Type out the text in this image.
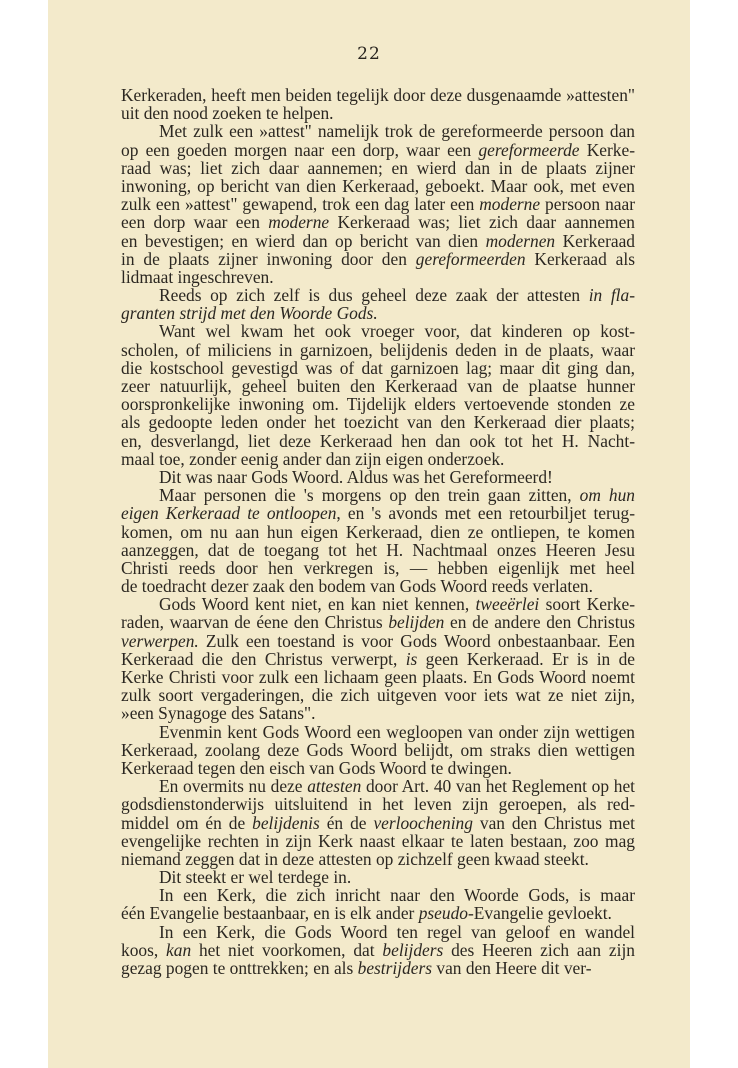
22
Kerkeraden, heeft men beiden tegelijk door deze dusgenaamde »attesten"
uit den nood zoeken te helpen.
Met zulk een »attest" namelijk trok de gereformeerde persoon dan
op een goeden morgen naar een dorp, waar een gereformeerde Kerke-
raad was; liet zich daar aannemen; en wierd dan in de plaats zijner
inwoning, op bericht van dien Kerkeraad, geboekt. Maar ook, met even
zulk een »attest" gewapend, trok een dag later een moderne persoon naar
een dorp waar een moderne Kerkeraad was; liet zich daar aannemen
en bevestigen; en wierd dan op bericht van dien modernen Kerkeraad
in de plaats zijner inwoning door den gereformeerden Kerkeraad als
lidmaat ingeschreven.
Reeds op zich zelf is dus geheel deze zaak der attesten in fla-
granten strijd met den Woorde Gods.
Want wel kwam het ook vroeger voor, dat kinderen op kost-
scholen, of miliciens in garnizoen, belijdenis deden in de plaats, waar
die kostschool gevestigd was of dat garnizoen lag; maar dit ging dan,
zeer natuurlijk, geheel buiten den Kerkeraad van de plaatse hunner
oorspronkelijke inwoning om. Tijdelijk elders vertoevende stonden ze
als gedoopte leden onder het toezicht van den Kerkeraad dier plaats;
en, desverlangd, liet deze Kerkeraad hen dan ook tot het H. Nacht-
maal toe, zonder eenig ander dan zijn eigen onderzoek.
Dit was naar Gods Woord. Aldus was het Gereformeerd!
Maar personen die 's morgens op den trein gaan zitten, om hun
eigen Kerkeraad te ontloopen, en 's avonds met een retourbiljet terug-
komen, om nu aan hun eigen Kerkeraad, dien ze ontliepen, te komen
aanzeggen, dat de toegang tot het H. Nachtmaal onzes Heeren Jesu
Christi reeds door hen verkregen is, — hebben eigenlijk met heel
de toedracht dezer zaak den bodem van Gods Woord reeds verlaten.
Gods Woord kent niet, en kan niet kennen, tweeërlei soort Kerke-
raden, waarvan de éene den Christus belijden en de andere den Christus
verwerpen. Zulk een toestand is voor Gods Woord onbestaanbaar. Een
Kerkeraad die den Christus verwerpt, is geen Kerkeraad. Er is in de
Kerke Christi voor zulk een lichaam geen plaats. En Gods Woord noemt
zulk soort vergaderingen, die zich uitgeven voor iets wat ze niet zijn,
»een Synagoge des Satans".
Evenmin kent Gods Woord een wegloopen van onder zijn wettigen
Kerkeraad, zoolang deze Gods Woord belijdt, om straks dien wettigen
Kerkeraad tegen den eisch van Gods Woord te dwingen.
En overmits nu deze attesten door Art. 40 van het Reglement op het
godsdienstonderwijs uitsluitend in het leven zijn geroepen, als red-
middel om én de belijdenis én de verloochening van den Christus met
evengelijke rechten in zijn Kerk naast elkaar te laten bestaan, zoo mag
niemand zeggen dat in deze attesten op zichzelf geen kwaad steekt.
Dit steekt er wel terdege in.
In een Kerk, die zich inricht naar den Woorde Gods, is maar
één Evangelie bestaanbaar, en is elk ander pseudo-Evangelie gevloekt.
In een Kerk, die Gods Woord ten regel van geloof en wandel
koos, kan het niet voorkomen, dat belijders des Heeren zich aan zijn
gezag pogen te onttrekken; en als bestrijders van den Heere dit ver-
